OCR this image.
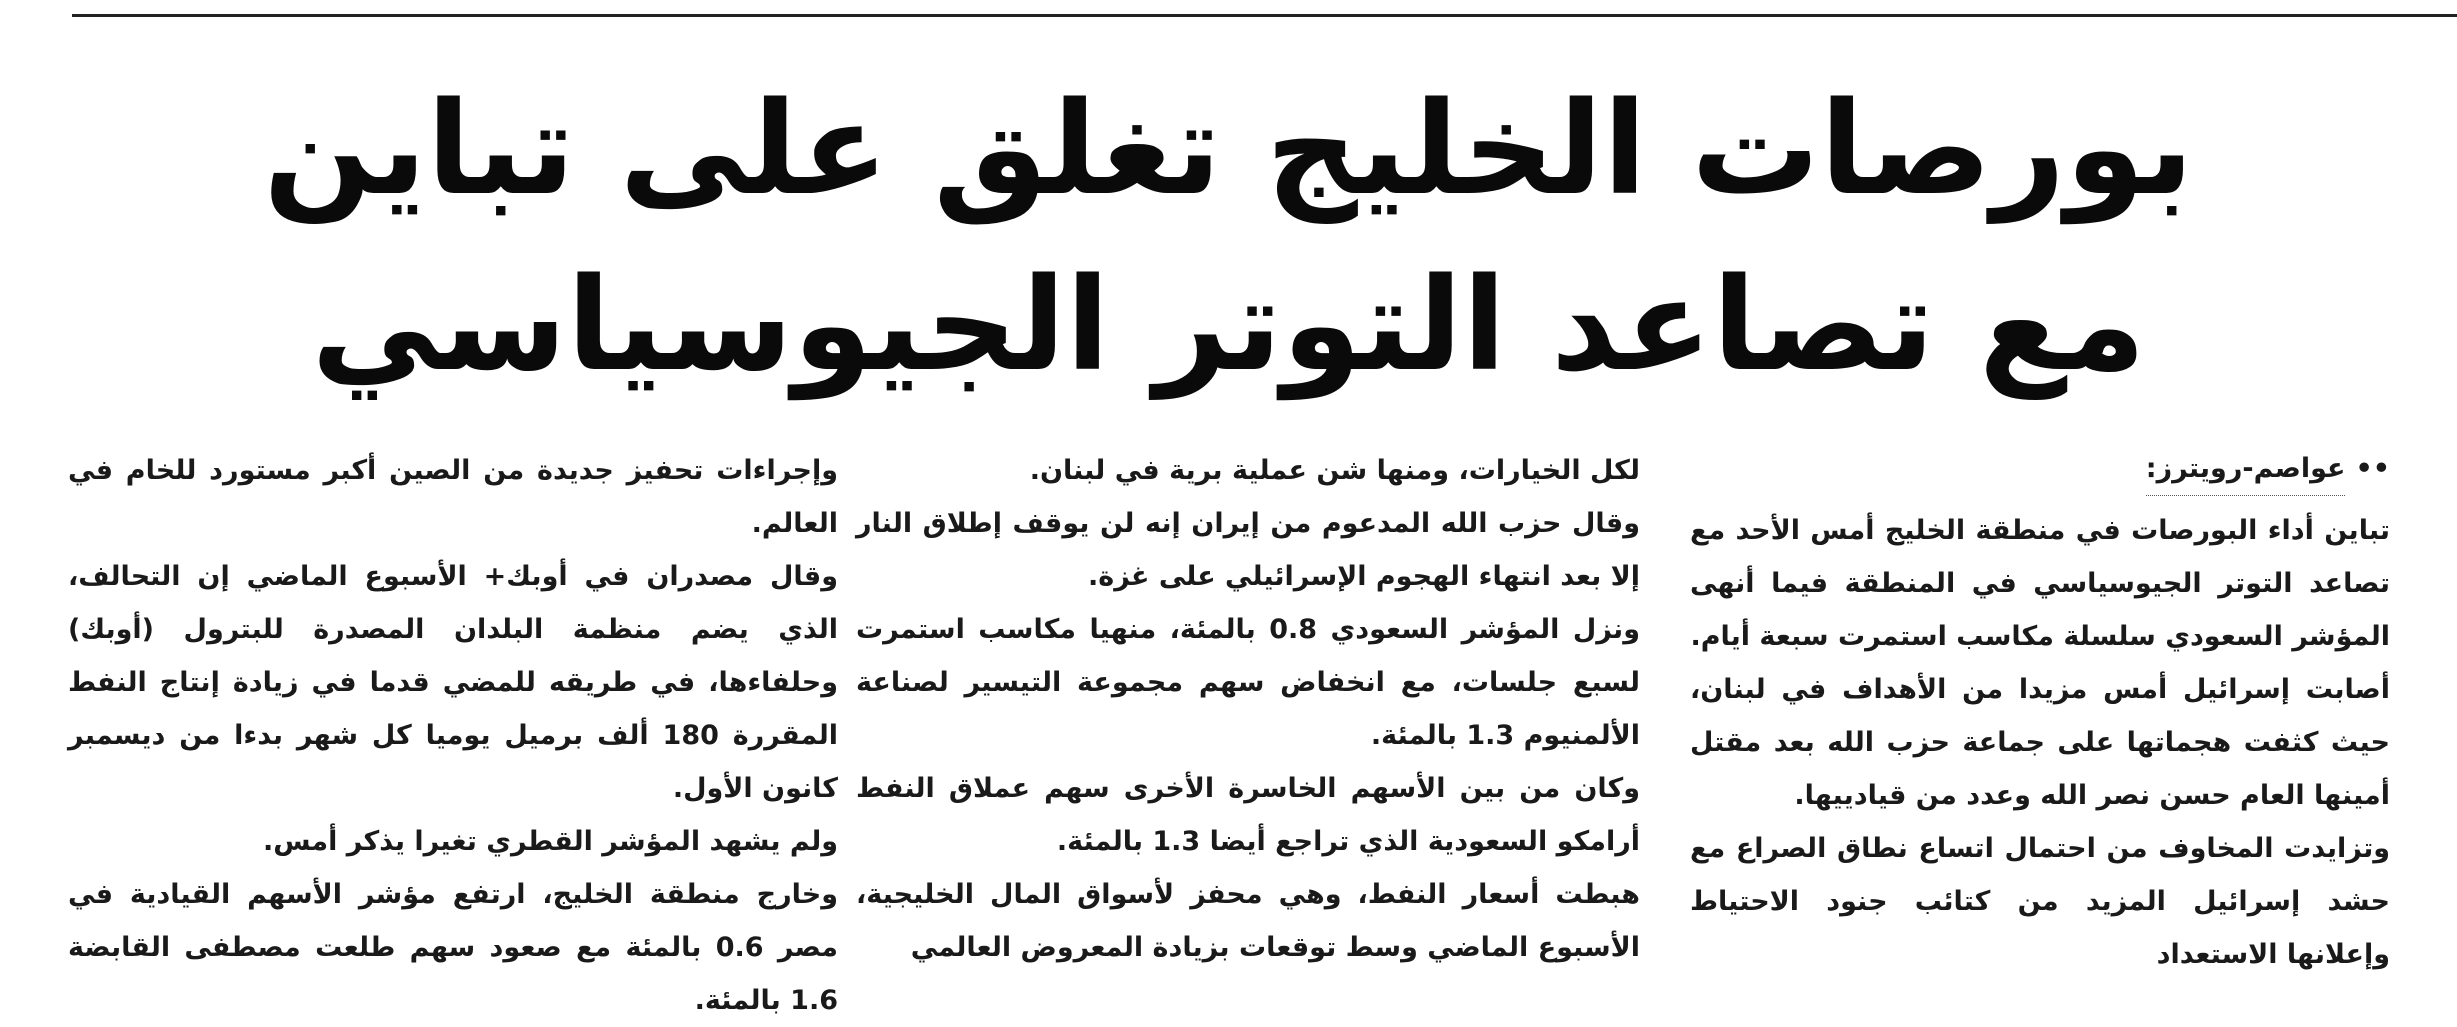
بورصات الخليج تغلق على تباين
مع تصاعد التوتر الجيوسياسي
••
عواصم-رويترز:

تباين أداء البورصات في منطقة الخليج أمس الأحد مع تصاعد التوتر الجيوسياسي في المنطقة فيما أنهى المؤشر السعودي سلسلة مكاسب استمرت سبعة أيام.

أصابت إسرائيل أمس مزيدا من الأهداف في لبنان، حيث كثفت هجماتها على جماعة حزب الله بعد مقتل أمينها العام حسن نصر الله وعدد من قيادييها.

وتزايدت المخاوف من احتمال اتساع نطاق الصراع مع حشد إسرائيل المزيد من كتائب جنود الاحتياط وإعلانها الاستعداد

لكل الخيارات، ومنها شن عملية برية في لبنان.

وقال حزب الله المدعوم من إيران إنه لن يوقف إطلاق النار إلا بعد انتهاء الهجوم الإسرائيلي على غزة.

ونزل المؤشر السعودي 0.8 بالمئة، منهيا مكاسب استمرت لسبع جلسات، مع انخفاض سهم مجموعة التيسير لصناعة الألمنيوم 1.3 بالمئة.

وكان من بين الأسهم الخاسرة الأخرى سهم عملاق النفط أرامكو السعودية الذي تراجع أيضا 1.3 بالمئة.

هبطت أسعار النفط، وهي محفز لأسواق المال الخليجية، الأسبوع الماضي وسط توقعات بزيادة المعروض العالمي

وإجراءات تحفيز جديدة من الصين أكبر مستورد للخام في العالم.

وقال مصدران في أوبك+ الأسبوع الماضي إن التحالف، الذي يضم منظمة البلدان المصدرة للبترول (أوبك) وحلفاءها، في طريقه للمضي قدما في زيادة إنتاج النفط المقررة 180 ألف برميل يوميا كل شهر بدءا من ديسمبر كانون الأول.

ولم يشهد المؤشر القطري تغيرا يذكر أمس.

وخارج منطقة الخليج، ارتفع مؤشر الأسهم القيادية في مصر 0.6 بالمئة مع صعود سهم طلعت مصطفى القابضة 1.6 بالمئة.
